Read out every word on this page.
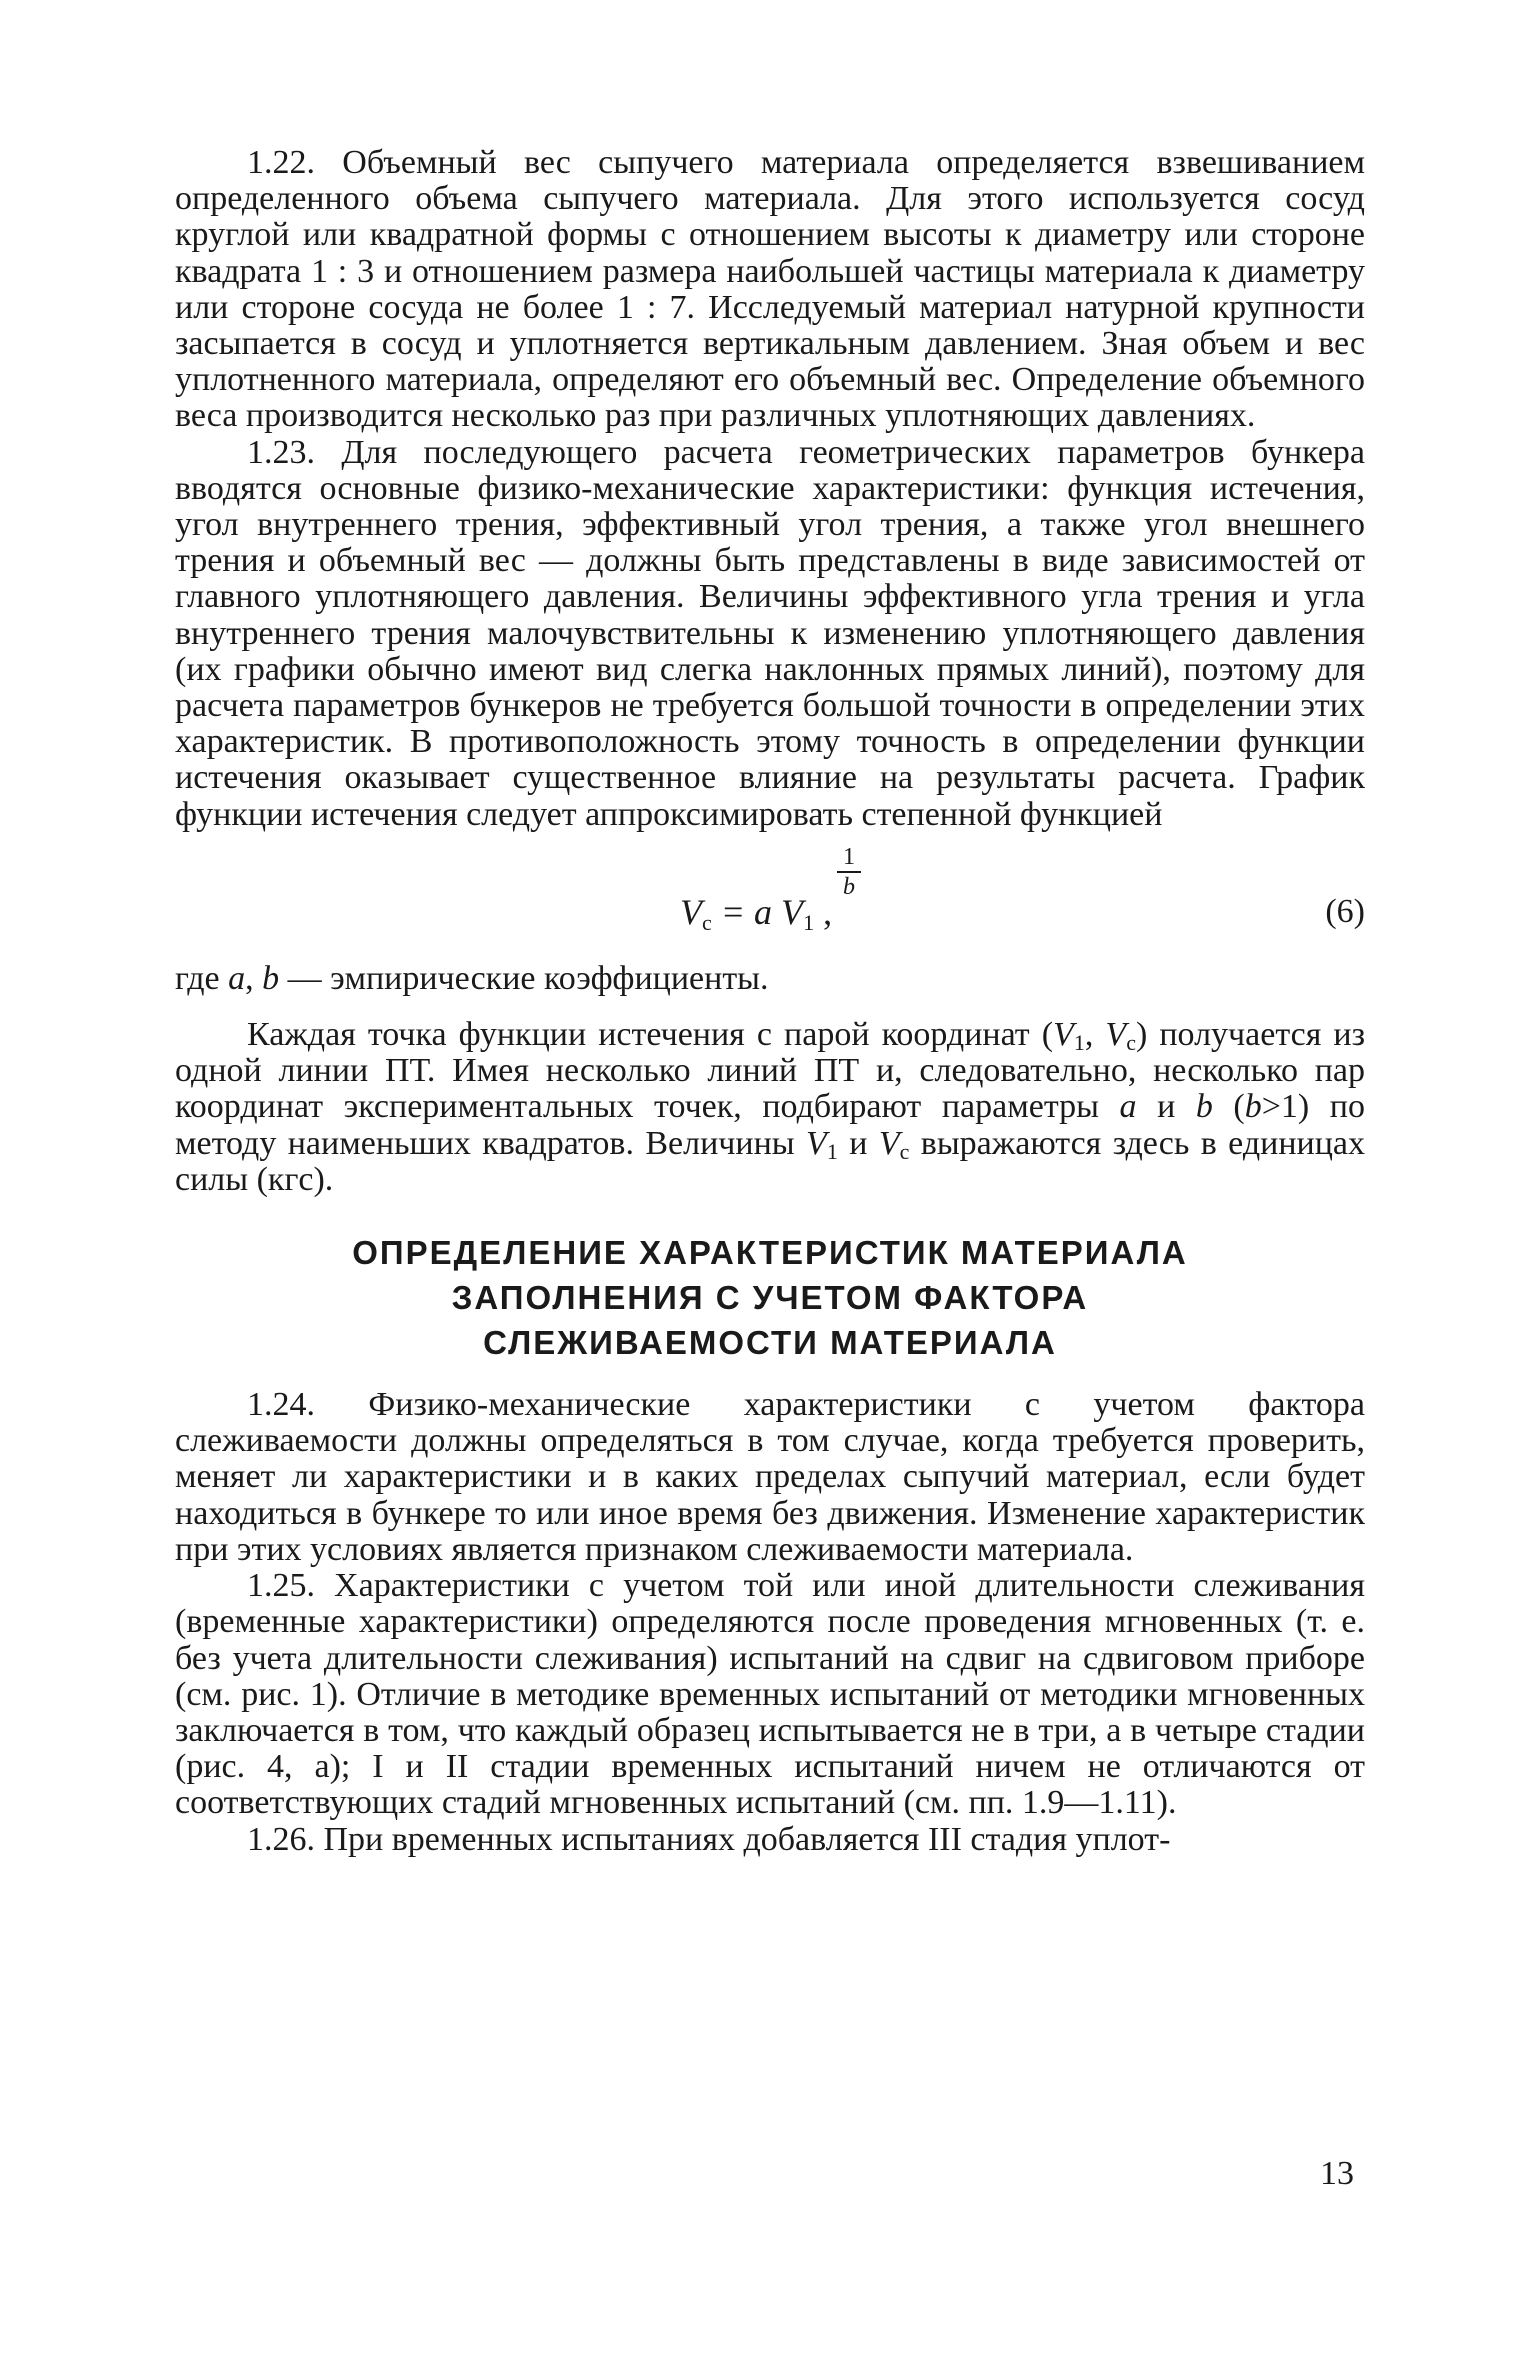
1.22. Объемный вес сыпучего материала определяется взвешиванием определенного объема сыпучего материала. Для этого используется сосуд круглой или квадратной формы с отношением высоты к диаметру или стороне квадрата 1 : 3 и отношением размера наибольшей частицы материала к диаметру или стороне сосуда не более 1 : 7. Исследуемый материал натурной крупности засыпается в сосуд и уплотняется вертикальным давлением. Зная объем и вес уплотненного материала, определяют его объемный вес. Определение объемного веса производится несколько раз при различных уплотняющих давлениях.

1.23. Для последующего расчета геометрических параметров бункера вводятся основные физико-механические характеристики: функция истечения, угол внутреннего трения, эффективный угол трения, а также угол внешнего трения и объемный вес — должны быть представлены в виде зависимостей от главного уплотняющего давления. Величины эффективного угла трения и угла внутреннего трения малочувствительны к изменению уплотняющего давления (их графики обычно имеют вид слегка наклонных прямых линий), поэтому для расчета параметров бункеров не требуется большой точности в определении этих характеристик. В противоположность этому точность в определении функции истечения оказывает существенное влияние на результаты расчета. График функции истечения следует аппроксимировать степенной функцией

$V_c = a$ $V_1$ ,
1
b
(6)

где a, b — эмпирические коэффициенты.

Каждая точка функции истечения с парой координат ($V_1$, $V_c$) получается из одной линии ПТ. Имея несколько линий ПТ и, следовательно, несколько пар координат экспериментальных точек, подбирают параметры a и b (b>1) по методу наименьших квадратов. Величины $V_1$ и $V_c$ выражаются здесь в единицах силы (кгс).

ОПРЕДЕЛЕНИЕ ХАРАКТЕРИСТИК МАТЕРИАЛА
ЗАПОЛНЕНИЯ С УЧЕТОМ ФАКТОРА
СЛЕЖИВАЕМОСТИ МАТЕРИАЛА

1.24. Физико-механические характеристики с учетом фактора слеживаемости должны определяться в том случае, когда требуется проверить, меняет ли характеристики и в каких пределах сыпучий материал, если будет находиться в бункере то или иное время без движения. Изменение характеристик при этих условиях является признаком слеживаемости материала.

1.25. Характеристики с учетом той или иной длительности слеживания (временные характеристики) определяются после проведения мгновенных (т. е. без учета длительности слеживания) испытаний на сдвиг на сдвиговом приборе (см. рис. 1). Отличие в методике временных испытаний от методики мгновенных заключается в том, что каждый образец испытывается не в три, а в четыре стадии (рис. 4, а); I и II стадии временных испытаний ничем не отличаются от соответствующих стадий мгновенных испытаний (см. пп. 1.9—1.11).

1.26. При временных испытаниях добавляется III стадия уплот-

13
